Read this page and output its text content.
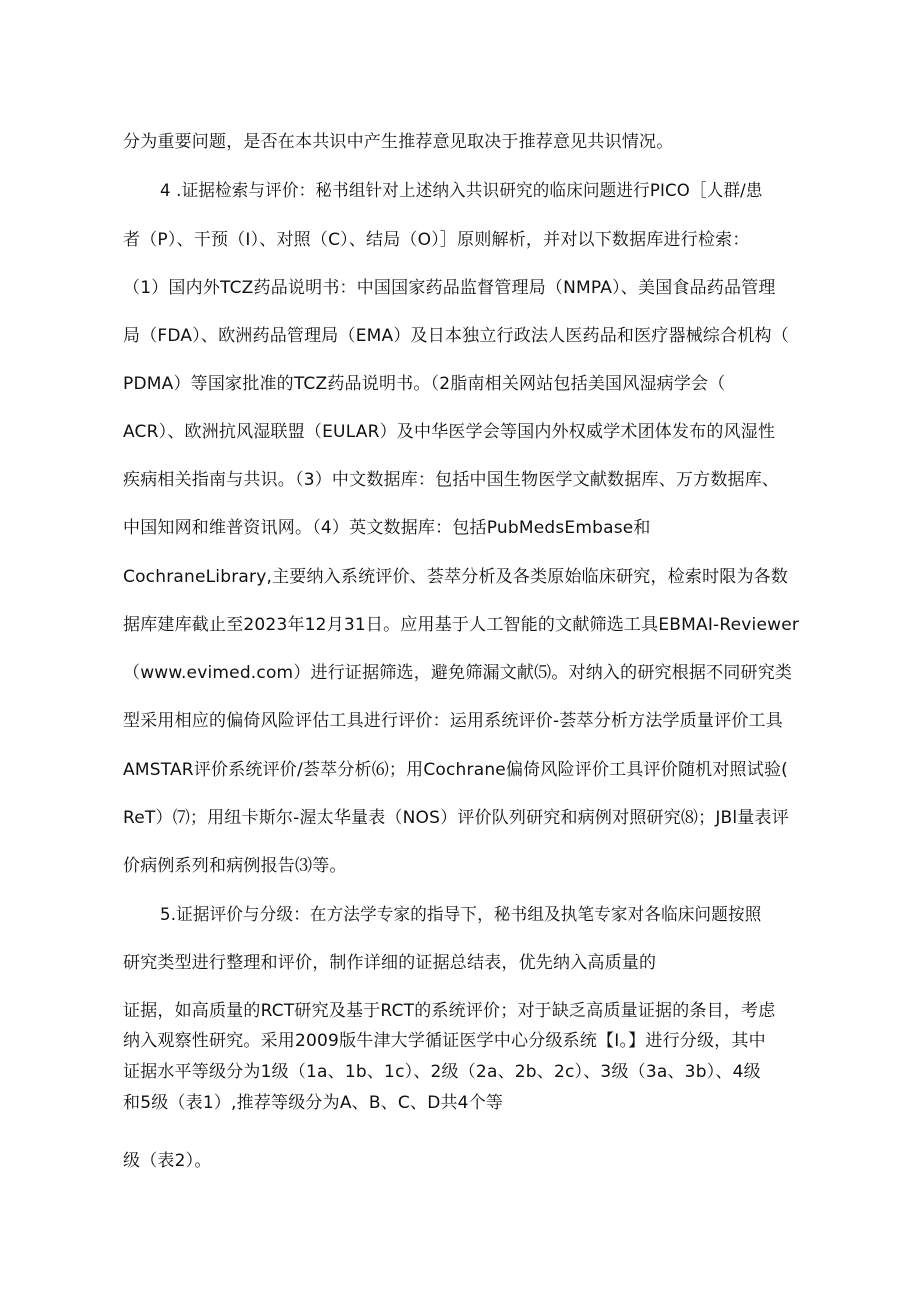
分为重要问题，是否在本共识中产生推荐意见取决于推荐意见共识情况。
4 .证据检索与评价：秘书组针对上述纳入共识研究的临床问题进行PICO［人群/患
者（P）、干预（I）、对照（C）、结局（O）］原则解析，并对以下数据库进行检索：
（1）国内外TCZ药品说明书：中国国家药品监督管理局（NMPA）、美国食品药品管理
局（FDA）、欧洲药品管理局（EMA）及日本独立行政法人医药品和医疗器械综合机构（
PDMA）等国家批准的TCZ药品说明书。（2脂南相关网站包括美国风湿病学会（
ACR）、欧洲抗风湿联盟（EULAR）及中华医学会等国内外权威学术团体发布的风湿性
疾病相关指南与共识。（3）中文数据库：包括中国生物医学文献数据库、万方数据库、
中国知网和维普资讯网。（4）英文数据库：包括PubMedsEmbase和
CochraneLibrary,主要纳入系统评价、荟萃分析及各类原始临床研究，检索时限为各数
据库建库截止至2023年12月31日。应用基于人工智能的文献筛选工具EBMAI-Reviewer
（www.evimed.com）进行证据筛选，避免筛漏文献⑸。对纳入的研究根据不同研究类
型采用相应的偏倚风险评估工具进行评价：运用系统评价-荟萃分析方法学质量评价工具
AMSTAR评价系统评价/荟萃分析⑹；用Cochrane偏倚风险评价工具评价随机对照试验(
ReT）⑺；用纽卡斯尔-渥太华量表（NOS）评价队列研究和病例对照研究⑻；JBl量表评
价病例系列和病例报告⑶等。
5.证据评价与分级：在方法学专家的指导下，秘书组及执笔专家对各临床问题按照
研究类型进行整理和评价，制作详细的证据总结表，优先纳入高质量的
证据，如高质量的RCT研究及基于RCT的系统评价；对于缺乏高质量证据的条目，考虑
纳入观察性研究。采用2009版牛津大学循证医学中心分级系统【I。】进行分级，其中
证据水平等级分为1级（1a、1b、1c）、2级（2a、2b、2c）、3级（3a、3b）、4级
和5级（表1）,推荐等级分为A、B、C、D共4个等
级（表2）。
